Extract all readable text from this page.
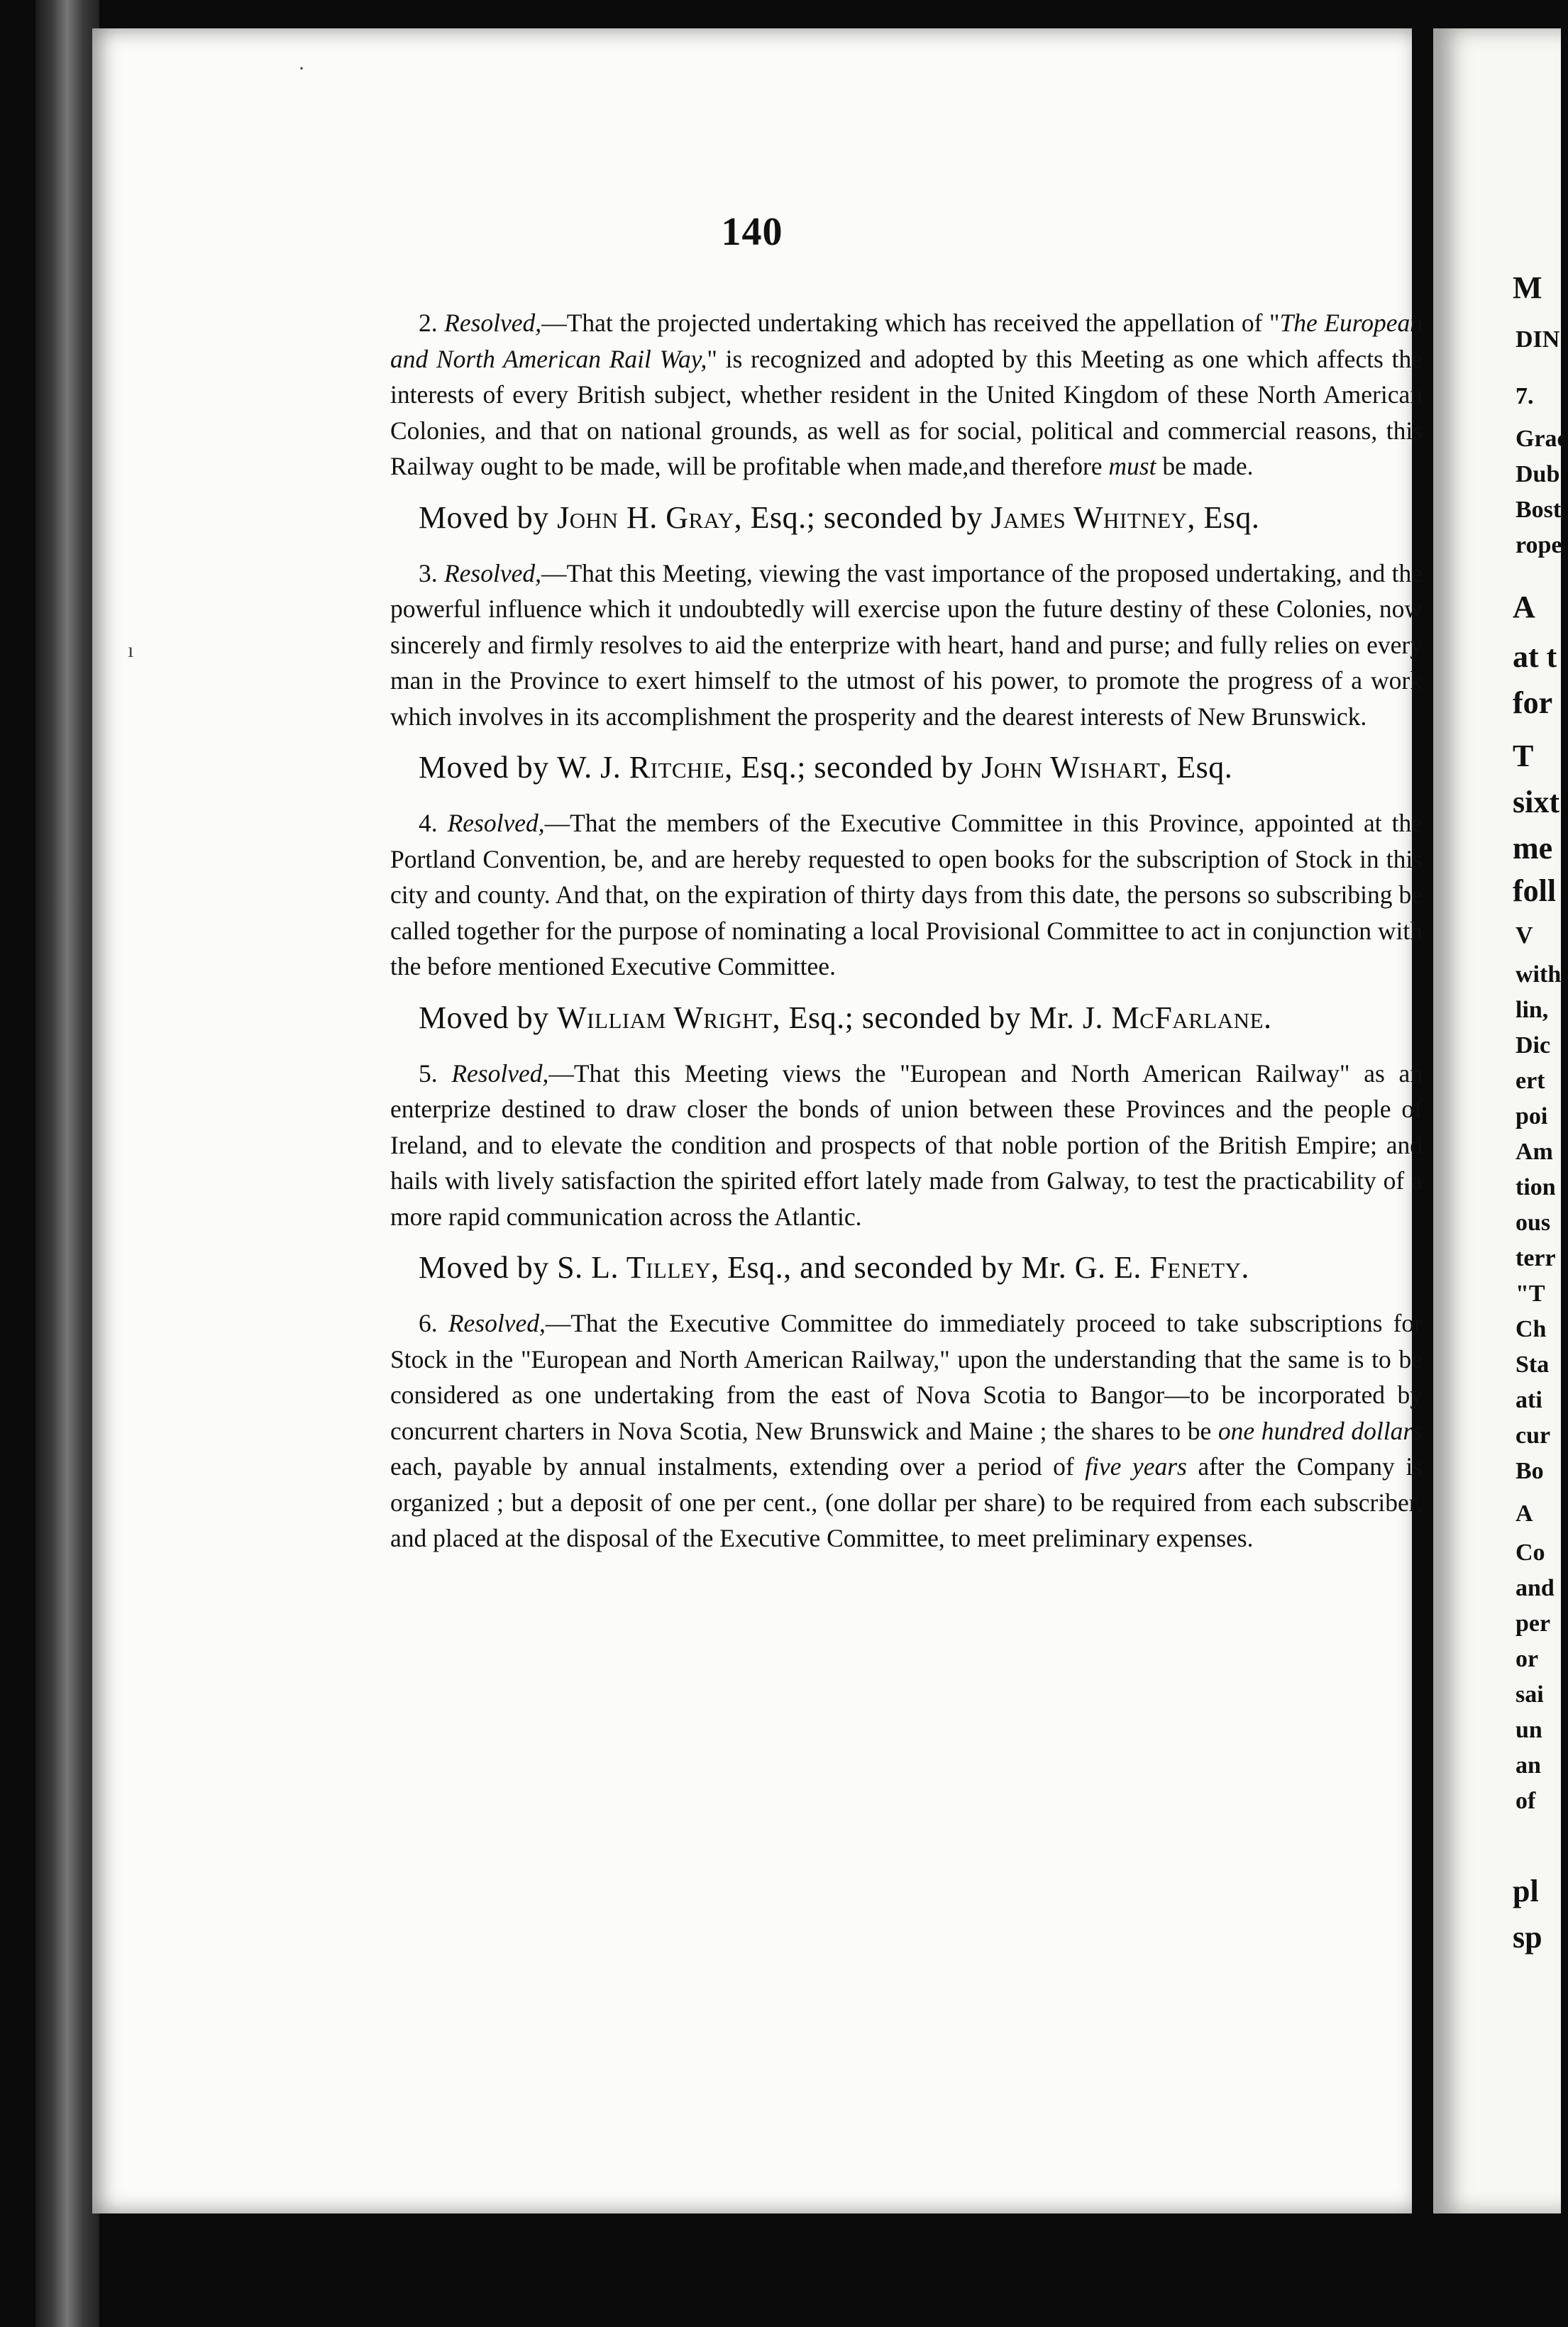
140

2. Resolved,—That the projected undertaking which has received the appellation of "The European and North American Rail Way," is recognized and adopted by this Meeting as one which affects the interests of every British subject, whether resident in the United Kingdom of these North American Colonies, and that on national grounds, as well as for social, political and commercial reasons, this Railway ought to be made, will be profitable when made,and therefore must be made.

Moved by John H. Gray, Esq.; seconded by James Whitney, Esq.

3. Resolved,—That this Meeting, viewing the vast importance of the proposed undertaking, and the powerful influence which it undoubtedly will exercise upon the future destiny of these Colonies, now sincerely and firmly resolves to aid the enterprize with heart, hand and purse; and fully relies on every man in the Province to exert himself to the utmost of his power, to promote the progress of a work which involves in its accomplishment the prosperity and the dearest interests of New Brunswick.

Moved by W. J. Ritchie, Esq.; seconded by John Wishart, Esq.

4. Resolved,—That the members of the Executive Committee in this Province, appointed at the Portland Convention, be, and are hereby requested to open books for the subscription of Stock in this city and county. And that, on the expiration of thirty days from this date, the persons so subscribing be called together for the purpose of nominating a local Provisional Committee to act in conjunction with the before mentioned Executive Committee.

Moved by William Wright, Esq.; seconded by Mr. J. McFarlane.

5. Resolved,—That this Meeting views the "European and North American Railway" as an enterprize destined to draw closer the bonds of union between these Provinces and the people of Ireland, and to elevate the condition and prospects of that noble portion of the British Empire; and hails with lively satisfaction the spirited effort lately made from Galway, to test the practicability of a more rapid communication across the Atlantic.

Moved by S. L. Tilley, Esq., and seconded by Mr. G. E. Fenety.

6. Resolved,—That the Executive Committee do immediately proceed to take subscriptions for Stock in the "European and North American Railway," upon the understanding that the same is to be considered as one undertaking from the east of Nova Scotia to Bangor—to be incorporated by concurrent charters in Nova Scotia, New Brunswick and Maine ; the shares to be one hundred dollars each, payable by annual instalments, extending over a period of five years after the Company is organized ; but a deposit of one per cent., (one dollar per share) to be required from each subscriber, and placed at the disposal of the Executive Committee, to meet preliminary expenses.

·
ı
M
DIN
7.
Grac
Dub
Bost
rope
A
at t
for
T
sixt
me
foll
V
with
lin,
Dic
ert
poi
Am
tion
ous
terr
"T
Ch
Sta
ati
cur
Bo
A
Co
and
per
or
sai
un
an
of
pl
sp
